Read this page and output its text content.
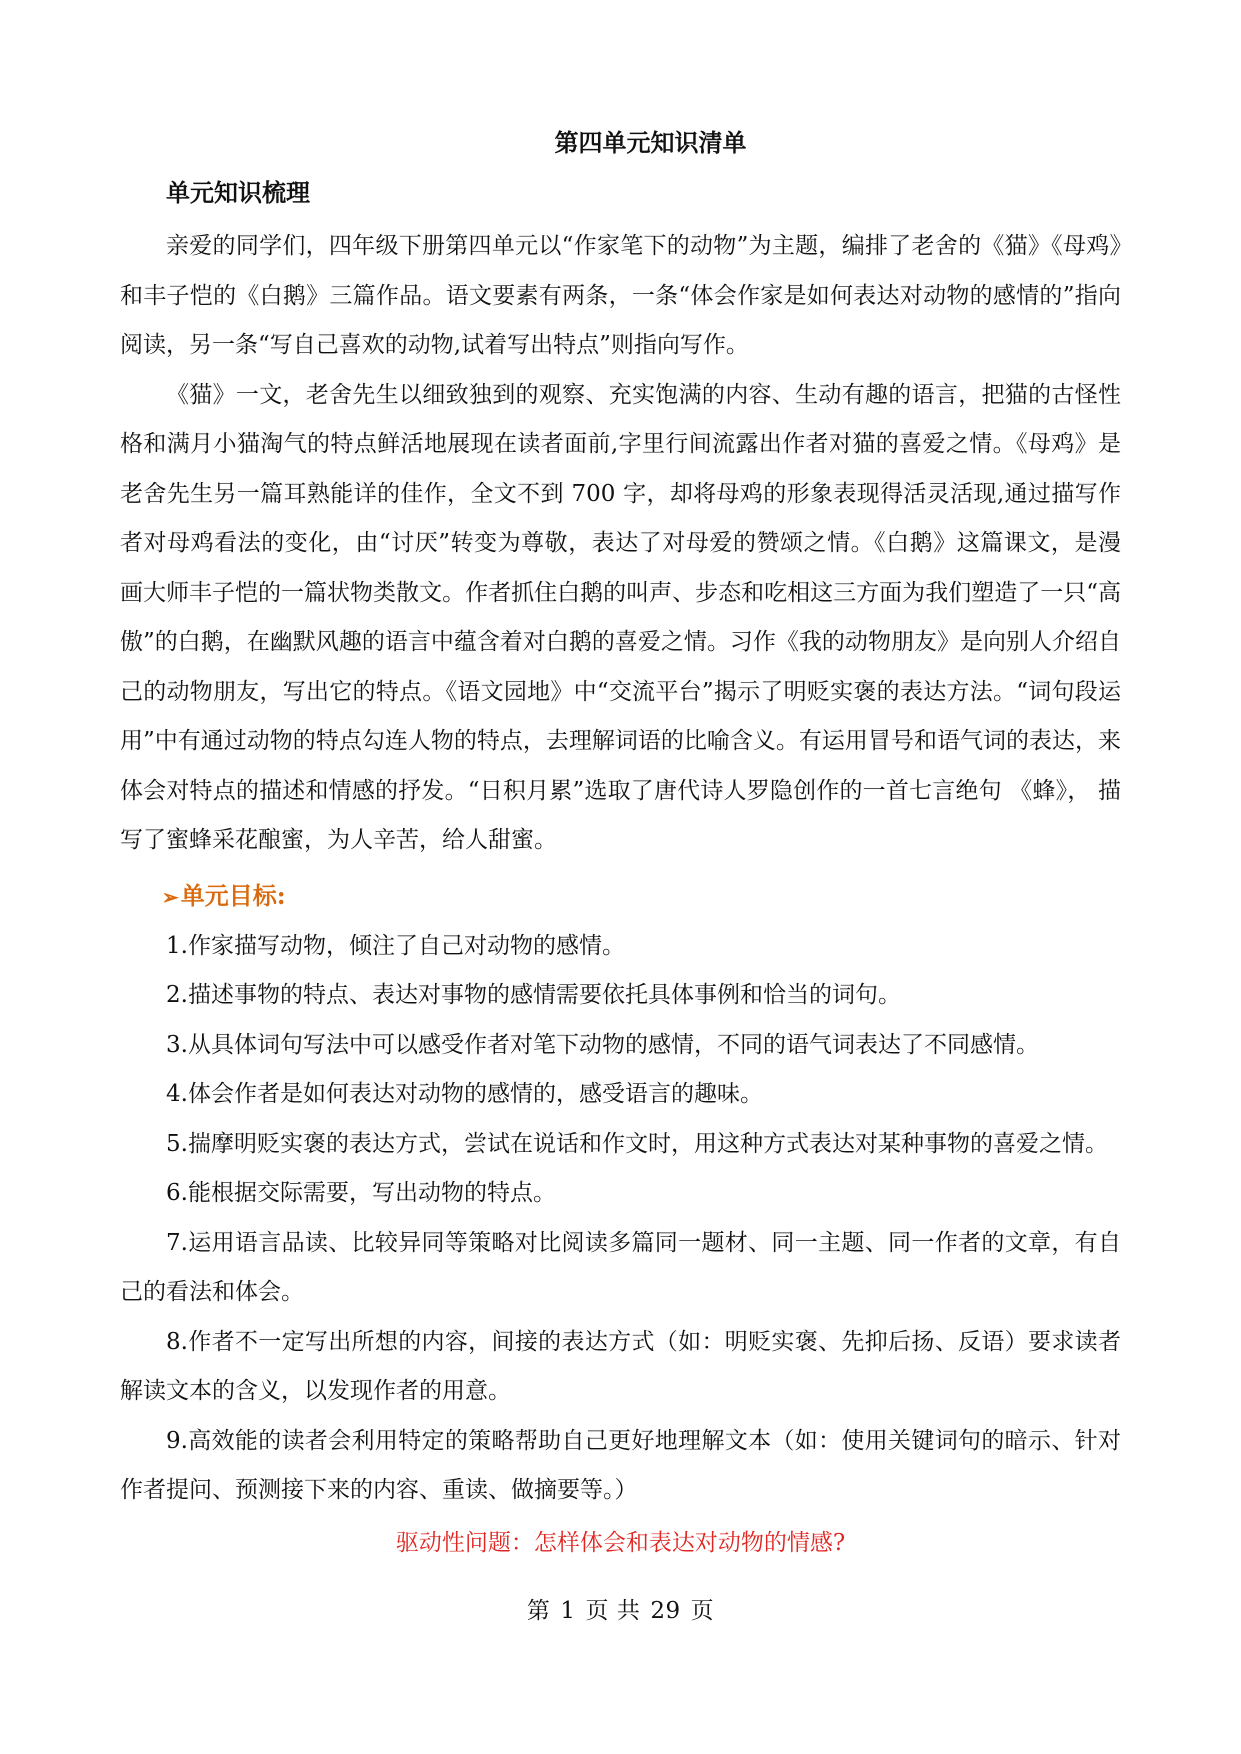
第四单元知识清单
单元知识梳理

亲爱的同学们，四年级下册第四单元以“作家笔下的动物”为主题，编排了老舍的《猫》《母鸡》和丰子恺的《白鹅》三篇作品。语文要素有两条，一条“体会作家是如何表达对动物的感情的”指向阅读，另一条“写自己喜欢的动物,试着写出特点”则指向写作。

《猫》一文，老舍先生以细致独到的观察、充实饱满的内容、生动有趣的语言，把猫的古怪性格和满月小猫淘气的特点鲜活地展现在读者面前,字里行间流露出作者对猫的喜爱之情。《母鸡》是老舍先生另一篇耳熟能详的佳作，全文不到 700 字，却将母鸡的形象表现得活灵活现,通过描写作者对母鸡看法的变化，由“讨厌”转变为尊敬，表达了对母爱的赞颂之情。《白鹅》这篇课文，是漫画大师丰子恺的一篇状物类散文。作者抓住白鹅的叫声、步态和吃相这三方面为我们塑造了一只“高傲”的白鹅，在幽默风趣的语言中蕴含着对白鹅的喜爱之情。习作《我的动物朋友》是向别人介绍自己的动物朋友，写出它的特点。《语文园地》中“交流平台”揭示了明贬实褒的表达方法。“词句段运用”中有通过动物的特点勾连人物的特点，去理解词语的比喻含义。有运用冒号和语气词的表达，来体会对特点的描述和情感的抒发。“日积月累”选取了唐代诗人罗隐创作的一首七言绝句 《蜂》， 描写了蜜蜂采花酿蜜，为人辛苦，给人甜蜜。

➢单元目标:

1.作家描写动物，倾注了自己对动物的感情。

2.描述事物的特点、表达对事物的感情需要依托具体事例和恰当的词句。

3.从具体词句写法中可以感受作者对笔下动物的感情，不同的语气词表达了不同感情。

4.体会作者是如何表达对动物的感情的，感受语言的趣味。

5.揣摩明贬实褒的表达方式，尝试在说话和作文时，用这种方式表达对某种事物的喜爱之情。

6.能根据交际需要，写出动物的特点。

7.运用语言品读、比较异同等策略对比阅读多篇同一题材、同一主题、同一作者的文章，有自己的看法和体会。

8.作者不一定写出所想的内容，间接的表达方式（如：明贬实褒、先抑后扬、反语）要求读者解读文本的含义，以发现作者的用意。

9.高效能的读者会利用特定的策略帮助自己更好地理解文本（如：使用关键词句的暗示、针对作者提问、预测接下来的内容、重读、做摘要等。）

驱动性问题：怎样体会和表达对动物的情感?
第 1 页 共 29 页
